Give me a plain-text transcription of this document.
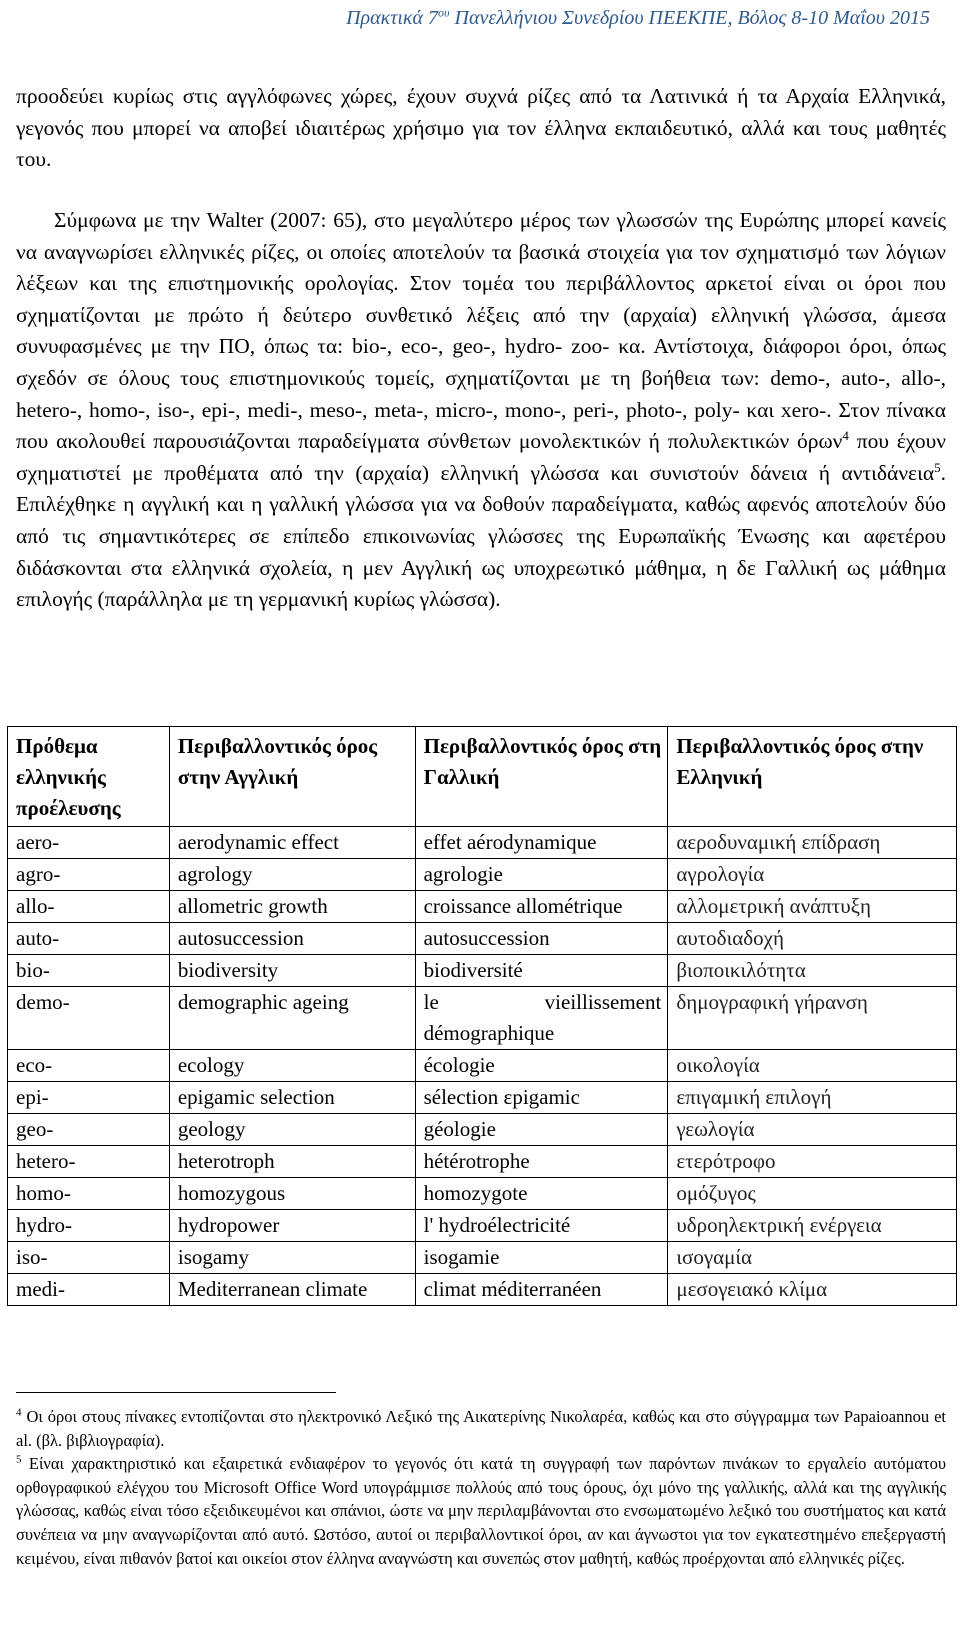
Πρακτικά $7^{o\upsilon}$ Πανελλήνιου Συνεδρίου ΠΕΕΚΠΕ, Βόλος 8-10 Μαΐου 2015

προοδεύει κυρίως στις αγγλόφωνες χώρες, έχουν συχνά ρίζες από τα Λατινικά ή τα Αρχαία Ελληνικά, γεγονός που μπορεί να αποβεί ιδιαιτέρως χρήσιμο για τον έλληνα εκπαιδευτικό, αλλά και τους μαθητές του.

Σύμφωνα με την Walter (2007: 65), στο μεγαλύτερο μέρος των γλωσσών της Ευρώπης μπορεί κανείς να αναγνωρίσει ελληνικές ρίζες, οι οποίες αποτελούν τα βασικά στοιχεία για τον σχηματισμό των λόγιων λέξεων και της επιστημονικής ορολογίας. Στον τομέα του περιβάλλοντος αρκετοί είναι οι όροι που σχηματίζονται με πρώτο ή δεύτερο συνθετικό λέξεις από την (αρχαία) ελληνική γλώσσα, άμεσα συνυφασμένες με την ΠΟ, όπως τα: bio-, eco-, geo-, hydro- zoo- κα. Αντίστοιχα, διάφοροι όροι, όπως σχεδόν σε όλους τους επιστημονικούς τομείς, σχηματίζονται με τη βοήθεια των: demo-, auto-, allo-, hetero-, homo-, iso-, epi-, medi-, meso-, meta-, micro-, mono-, peri-, photo-, poly- και xero-. Στον πίνακα που ακολουθεί παρουσιάζονται παραδείγματα σύνθετων μονολεκτικών ή πολυλεκτικών όρων$^4$ που έχουν σχηματιστεί με προθέματα από την (αρχαία) ελληνική γλώσσα και συνιστούν δάνεια ή αντιδάνεια$^5$. Επιλέχθηκε η αγγλική και η γαλλική γλώσσα για να δοθούν παραδείγματα, καθώς αφενός αποτελούν δύο από τις σημαντικότερες σε επίπεδο επικοινωνίας γλώσσες της Ευρωπαϊκής Ένωσης και αφετέρου διδάσκονται στα ελληνικά σχολεία, η μεν Αγγλική ως υποχρεωτικό μάθημα, η δε Γαλλική ως μάθημα επιλογής (παράλληλα με τη γερμανική κυρίως γλώσσα).

Πρόθεμα ελληνικής προέλευσης	Περιβαλλοντικός όρος στην Αγγλική	Περιβαλλοντικός όρος στη Γαλλική	Περιβαλλοντικός όρος στην Ελληνική
aero-	aerodynamic effect	effet aérodynamique	αεροδυναμική επίδραση
agro-	agrology	agrologie	αγρολογία
allo-	allometric growth	croissance allométrique	αλλομετρική ανάπτυξη
auto-	autosuccession	autosuccession	αυτοδιαδοχή
bio-	biodiversity	biodiversité	βιοποικιλότητα
demo-	demographic ageing	le vieillissement démographique	δημογραφική γήρανση
eco-	ecology	écologie	οικολογία
epi-	epigamic selection	sélection εpigamic	επιγαμική επιλογή
geo-	geology	géologie	γεωλογία
hetero-	heterotroph	hétérotrophe	ετερότροφο
homo-	homozygous	homozygote	ομόζυγος
hydro-	hydropower	l' hydroélectricité	υδροηλεκτρική ενέργεια
iso-	isogamy	isogamie	ισογαμία
medi-	Mediterranean climate	climat méditerranéen	μεσογειακό κλίμα

$^4$ Οι όροι στους πίνακες εντοπίζονται στο ηλεκτρονικό Λεξικό της Αικατερίνης Νικολαρέα, καθώς και στο σύγγραμμα των Papaioannou et al. (βλ. βιβλιογραφία).

$^5$ Είναι χαρακτηριστικό και εξαιρετικά ενδιαφέρον το γεγονός ότι κατά τη συγγραφή των παρόντων πινάκων το εργαλείο αυτόματου ορθογραφικού ελέγχου του Microsoft Office Word υπογράμμισε πολλούς από τους όρους, όχι μόνο της γαλλικής, αλλά και της αγγλικής γλώσσας, καθώς είναι τόσο εξειδικευμένοι και σπάνιοι, ώστε να μην περιλαμβάνονται στο ενσωματωμένο λεξικό του συστήματος και κατά συνέπεια να μην αναγνωρίζονται από αυτό. Ωστόσο, αυτοί οι περιβαλλοντικοί όροι, αν και άγνωστοι για τον εγκατεστημένο επεξεργαστή κειμένου, είναι πιθανόν βατοί και οικείοι στον έλληνα αναγνώστη και συνεπώς στον μαθητή, καθώς προέρχονται από ελληνικές ρίζες.
